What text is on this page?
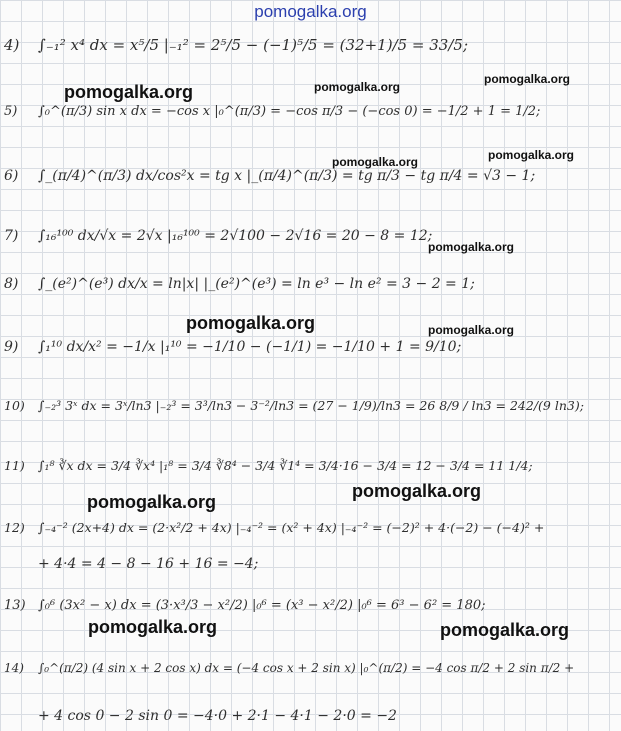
pomogalka.org
4) ∫₋₁² x⁴ dx = x⁵/5 |₋₁² = 2⁵/5 − (−1)⁵/5 = (32+1)/5 = 33/5;
5) ∫₀^(π/3) sin x dx = −cos x |₀^(π/3) = −cos π/3 − (−cos 0) = −1/2 + 1 = 1/2;
6) ∫_(π/4)^(π/3) dx/cos²x = tg x |_(π/4)^(π/3) = tg π/3 − tg π/4 = √3 − 1;
7) ∫₁₆¹⁰⁰ dx/√x = 2√x |₁₆¹⁰⁰ = 2√100 − 2√16 = 20 − 8 = 12;
8) ∫_(e²)^(e³) dx/x = ln|x| |_(e²)^(e³) = ln e³ − ln e² = 3 − 2 = 1;
9) ∫₁¹⁰ dx/x² = −1/x |₁¹⁰ = −1/10 − (−1/1) = −1/10 + 1 = 9/10;
10) ∫₋₂³ 3ˣ dx = 3ˣ/ln3 |₋₂³ = 3³/ln3 − 3⁻²/ln3 = (27 − 1/9)/ln3 = 26 8/9 / ln3 = 242/(9 ln3);
11) ∫₁⁸ ∛x dx = 3/4 ∛x⁴ |₁⁸ = 3/4 ∛8⁴ − 3/4 ∛1⁴ = 3/4·16 − 3/4 = 12 − 3/4 = 11 1/4;
12) ∫₋₄⁻² (2x+4) dx = (2·x²/2 + 4x) |₋₄⁻² = (x² + 4x) |₋₄⁻² = (−2)² + 4·(−2) − (−4)² +
+ 4·4 = 4 − 8 − 16 + 16 = −4;
13) ∫₀⁶ (3x² − x) dx = (3·x³/3 − x²/2) |₀⁶ = (x³ − x²/2) |₀⁶ = 6³ − 6² = 180;
14) ∫₀^(π/2) (4 sin x + 2 cos x) dx = (−4 cos x + 2 sin x) |₀^(π/2) = −4 cos π/2 + 2 sin π/2 +
+ 4 cos 0 − 2 sin 0 = −4·0 + 2·1 − 4·1 − 2·0 = −2
pomogalka.org	pomogalka.org
pomogalka.org
pomogalka.org	pomogalka.org
pomogalka.org
pomogalka.org	pomogalka.org
pomogalka.org
pomogalka.org
pomogalka.org	pomogalka.org
